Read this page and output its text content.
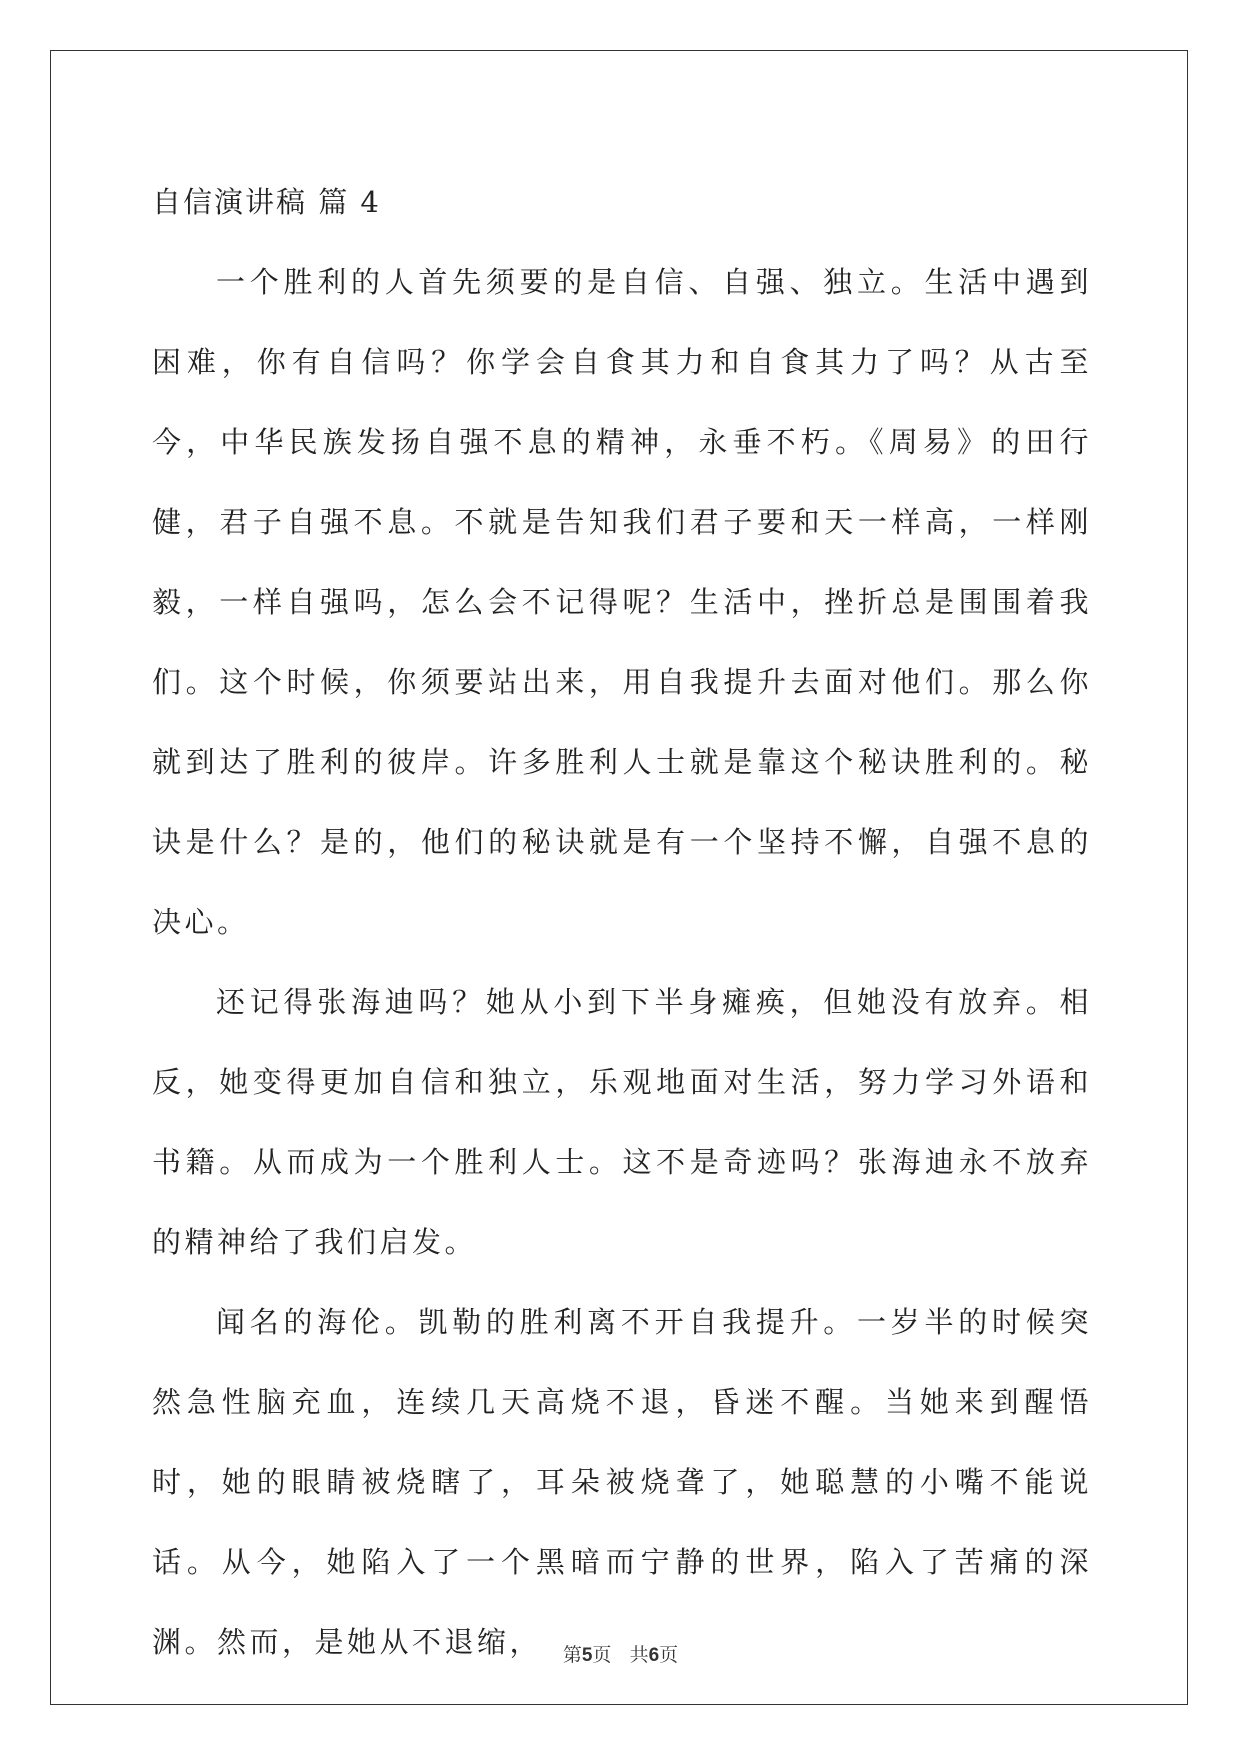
自信演讲稿 篇 4

一个胜利的人首先须要的是自信、自强、独立。生活中遇到困难，你有自信吗？你学会自食其力和自食其力了吗？从古至今，中华民族发扬自强不息的精神，永垂不朽。《周易》的田行健，君子自强不息。不就是告知我们君子要和天一样高，一样刚毅，一样自强吗，怎么会不记得呢？生活中，挫折总是围围着我们。这个时候，你须要站出来，用自我提升去面对他们。那么你就到达了胜利的彼岸。许多胜利人士就是靠这个秘诀胜利的。秘诀是什么？是的，他们的秘诀就是有一个坚持不懈，自强不息的决心。

还记得张海迪吗？她从小到下半身瘫痪，但她没有放弃。相反，她变得更加自信和独立，乐观地面对生活，努力学习外语和书籍。从而成为一个胜利人士。这不是奇迹吗？张海迪永不放弃的精神给了我们启发。

闻名的海伦。凯勒的胜利离不开自我提升。一岁半的时候突然急性脑充血，连续几天高烧不退，昏迷不醒。当她来到醒悟时，她的眼睛被烧瞎了，耳朵被烧聋了，她聪慧的小嘴不能说话。从今，她陷入了一个黑暗而宁静的世界，陷入了苦痛的深渊。然而，是她从不退缩，	第5页 共6页
